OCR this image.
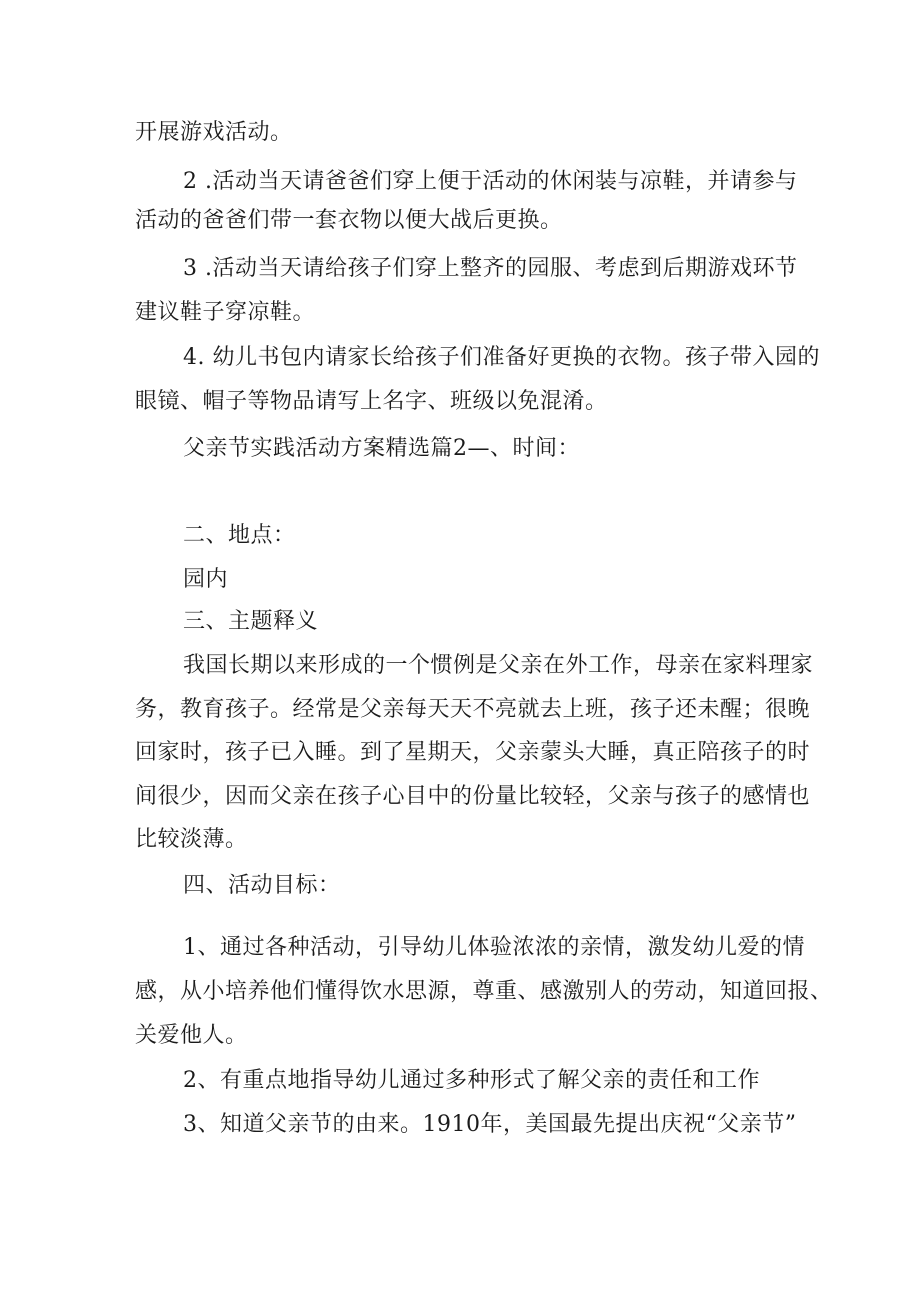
开展游戏活动。
2 .活动当天请爸爸们穿上便于活动的休闲装与凉鞋，并请参与
活动的爸爸们带一套衣物以便大战后更换。
3 .活动当天请给孩子们穿上整齐的园服、考虑到后期游戏环节
建议鞋子穿凉鞋。
4. 幼儿书包内请家长给孩子们准备好更换的衣物。孩子带入园的
眼镜、帽子等物品请写上名字、班级以免混淆。
父亲节实践活动方案精选篇2—、时间：
二、地点：
园内
三、主题释义
我国长期以来形成的一个惯例是父亲在外工作，母亲在家料理家
务，教育孩子。经常是父亲每天天不亮就去上班，孩子还未醒；很晚
回家时，孩子已入睡。到了星期天，父亲蒙头大睡，真正陪孩子的时
间很少，因而父亲在孩子心目中的份量比较轻，父亲与孩子的感情也
比较淡薄。
四、活动目标：
1、通过各种活动，引导幼儿体验浓浓的亲情，激发幼儿爱的情
感，从小培养他们懂得饮水思源，尊重、感激别人的劳动，知道回报、
关爱他人。
2、有重点地指导幼儿通过多种形式了解父亲的责任和工作
3、知道父亲节的由来。1910年，美国最先提出庆祝“父亲节”
